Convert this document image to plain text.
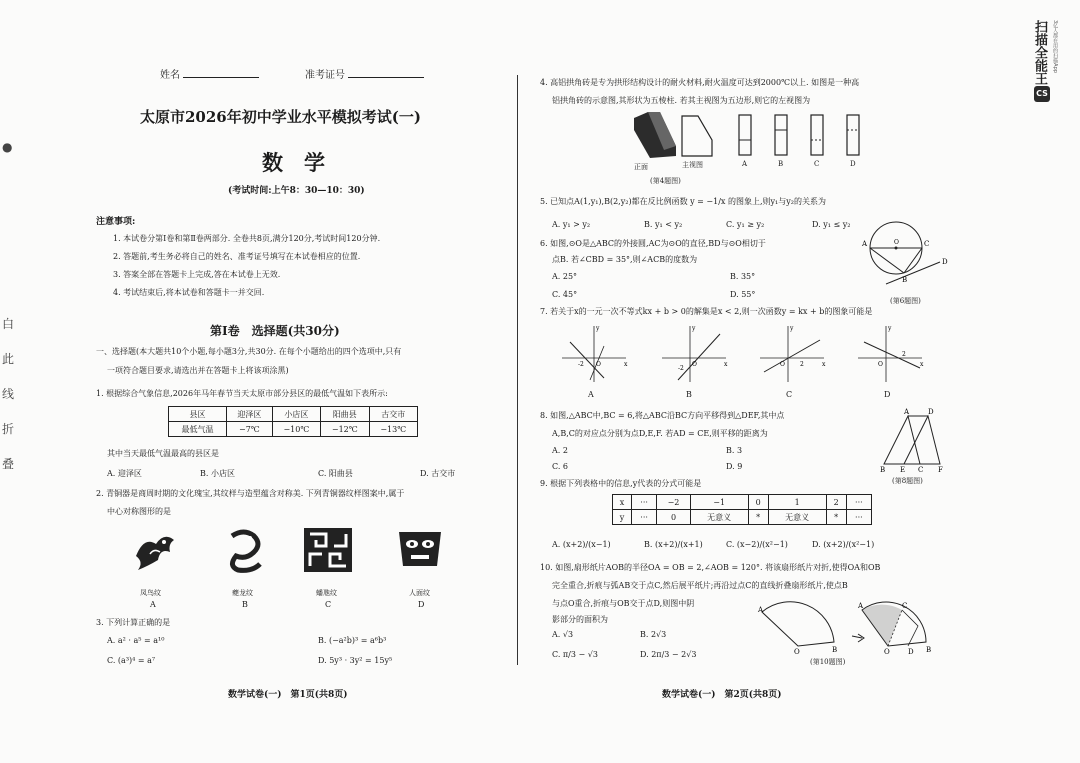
扫描全能王	3亿人都在用的扫描App
CS
●
白
此
线
折
叠
姓名	准考证号
太原市2026年初中学业水平模拟考试(一)
数　学
(考试时间:上午8：30—10：30)
注意事项:
1. 本试卷分第Ⅰ卷和第Ⅱ卷两部分. 全卷共8页,满分120分,考试时间120分钟.
2. 答题前,考生务必将自己的姓名、准考证号填写在本试卷相应的位置.
3. 答案全部在答题卡上完成,答在本试卷上无效.
4. 考试结束后,将本试卷和答题卡一并交回.
第Ⅰ卷　选择题(共30分)
一、选择题(本大题共10个小题,每小题3分,共30分. 在每个小题给出的四个选项中,只有
一项符合题目要求,请选出并在答题卡上将该项涂黑)
1. 根据综合气象信息,2026年马年春节当天太原市部分县区的最低气温如下表所示:
县区	迎泽区	小店区	阳曲县	古交市
最低气温	−7℃	−10℃	−12℃	−13℃
其中当天最低气温最高的县区是
A. 迎泽区	B. 小店区	C. 阳曲县	D. 古交市
2. 青铜器是商周时期的文化瑰宝,其纹样与造型蕴含对称美. 下列青铜器纹样图案中,属于
中心对称图形的是
凤鸟纹	夔龙纹	蟠虺纹	人面纹
A	B	C	D
3. 下列计算正确的是
A. a² · a⁵ = a¹⁰	B. (−a²b)³ = a⁶b³
C. (a³)⁴ = a⁷	D. 5y³ · 3y² = 15y⁵
数学试卷(一)　第1页(共8页)
4. 高铝拱角砖是专为拱形结构设计的耐火材料,耐火温度可达到2000℃以上. 如图是一种高
铝拱角砖的示意图,其形状为五棱柱. 若其主视图为五边形,则它的左视图为
正面	主视图	A	B	C	D
(第4题图)
5. 已知点A(1,y₁),B(2,y₂)都在反比例函数 y = −1/x 的图象上,则y₁与y₂的关系为
A. y₁ > y₂	B. y₁ < y₂	C. y₁ ≥ y₂	D. y₁ ≤ y₂
6. 如图,⊙O是△ABC的外接圆,AC为⊙O的直径,BD与⊙O相切于
点B. 若∠CBD = 35°,则∠ACB的度数为
A. 25°	B. 35°
C. 45°	D. 55°
A	C
O
B
D
(第6题图)
7. 若关于x的一元一次不等式kx + b > 0的解集是x < 2,则一次函数y = kx + b的图象可能是
-2 O	x
y
-2
O	x
y
O	2	x
y
O
2
x
y
A	B	C	D
8. 如图,△ABC中,BC = 6,将△ABC沿BC方向平移得到△DEF,其中点
A,B,C的对应点分别为点D,E,F. 若AD = CE,则平移的距离为
A. 2	B. 3
C. 6	D. 9
A	D
B E C F
(第8题图)
9. 根据下列表格中的信息,y代表的分式可能是
x	···	−2	−1	0	1	2	···
y	···	0	无意义	*	无意义	*	···
A. (x+2)/(x−1)	B. (x+2)/(x+1)	C. (x−2)/(x²−1)	D. (x+2)/(x²−1)
10. 如图,扇形纸片AOB的半径OA = OB = 2,∠AOB = 120°. 将该扇形纸片对折,使得OA和OB
完全重合,折痕与弧AB交于点C,然后展平纸片;再沿过点C的直线折叠扇形纸片,使点B
与点O重合,折痕与OB交于点D,则图中阴
影部分的面积为
A. √3	B. 2√3
C. π/3 − √3	D. 2π/3 − 2√3
A
O	B
A	C
O	D B
(第10题图)
数学试卷(一)　第2页(共8页)
